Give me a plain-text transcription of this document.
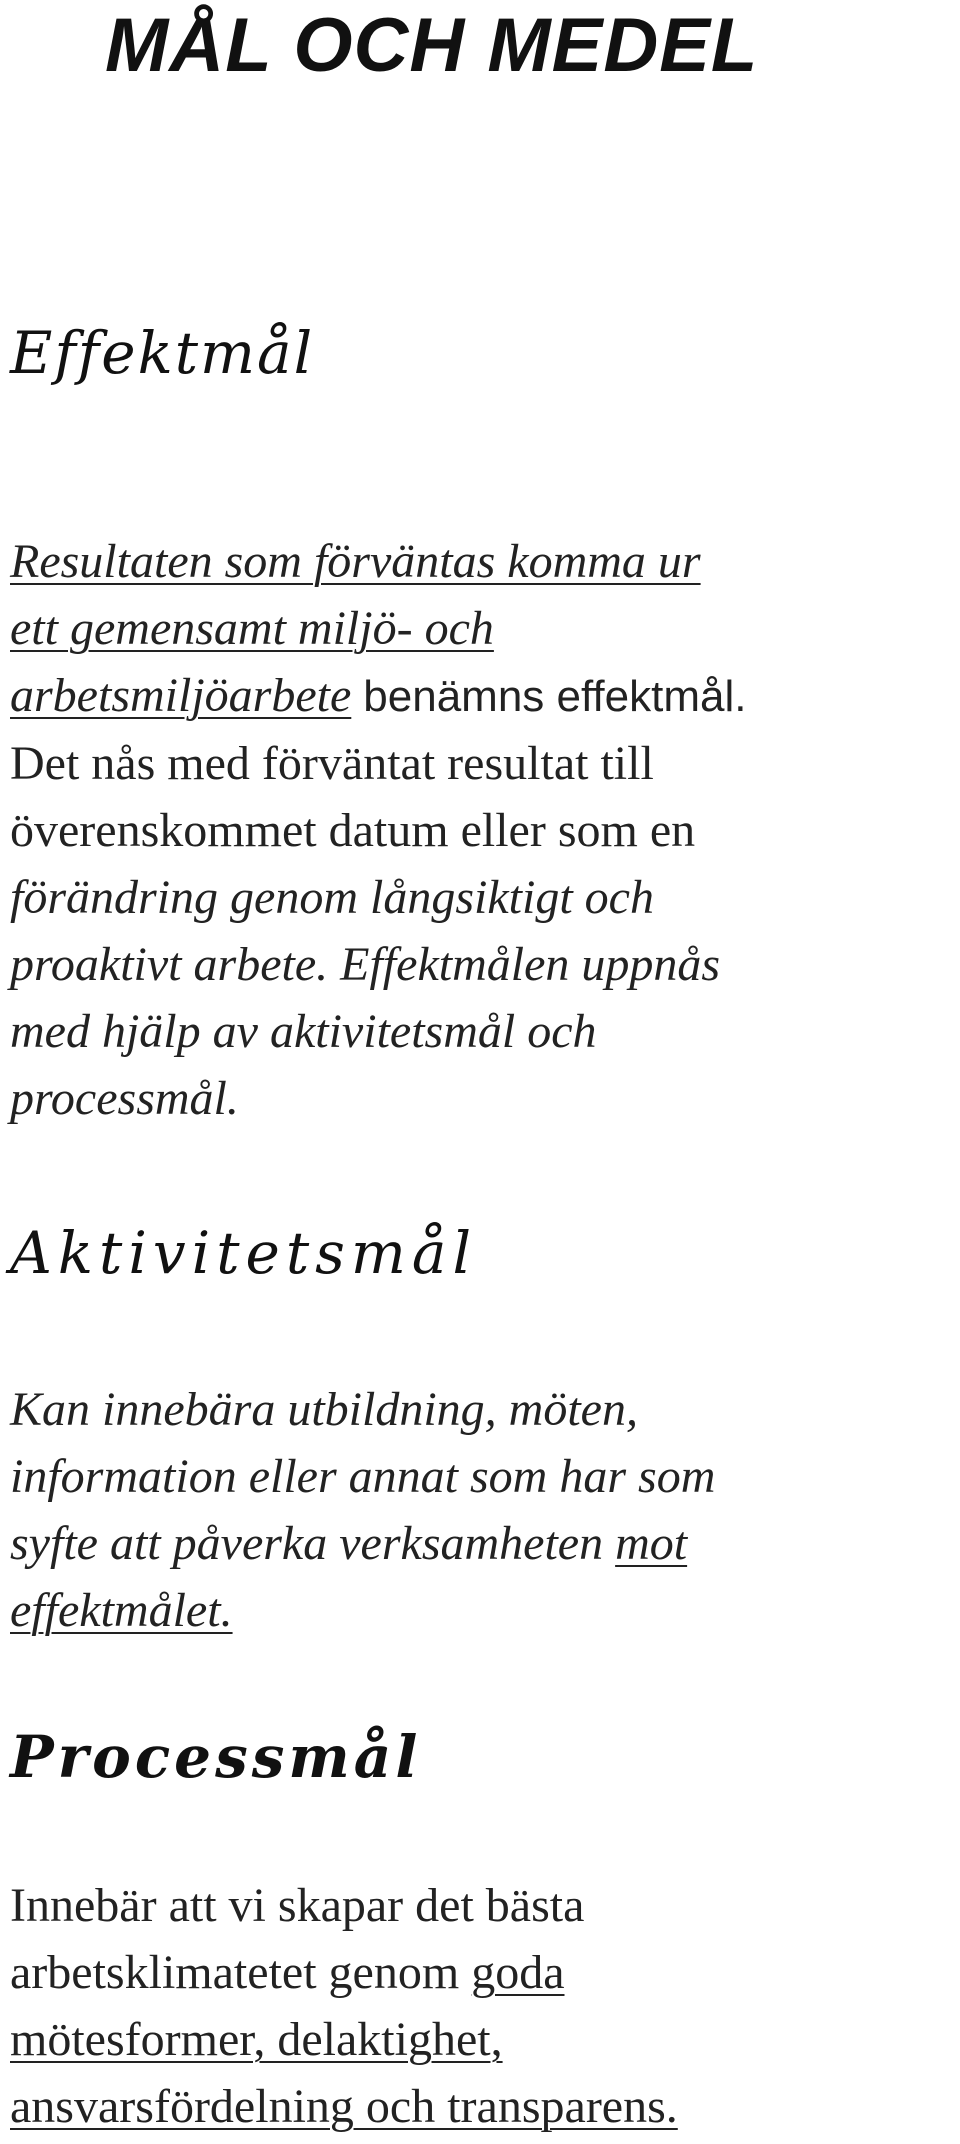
MÅL OCH MEDEL
Effektmål
Resultaten som förväntas komma ur
ett gemensamt miljö- och
arbetsmiljöarbete benämns effektmål.
Det nås med förväntat resultat till
överenskommet datum eller som en
förändring genom långsiktigt och
proaktivt arbete. Effektmålen uppnås
med hjälp av aktivitetsmål och
processmål.
Aktivitetsmål
Kan innebära utbildning, möten,
information eller annat som har som
syfte att påverka verksamheten mot
effektmålet.
Processmål
Innebär att vi skapar det bästa
arbetsklimatetet genom goda
mötesformer, delaktighet,
ansvarsfördelning och transparens.
